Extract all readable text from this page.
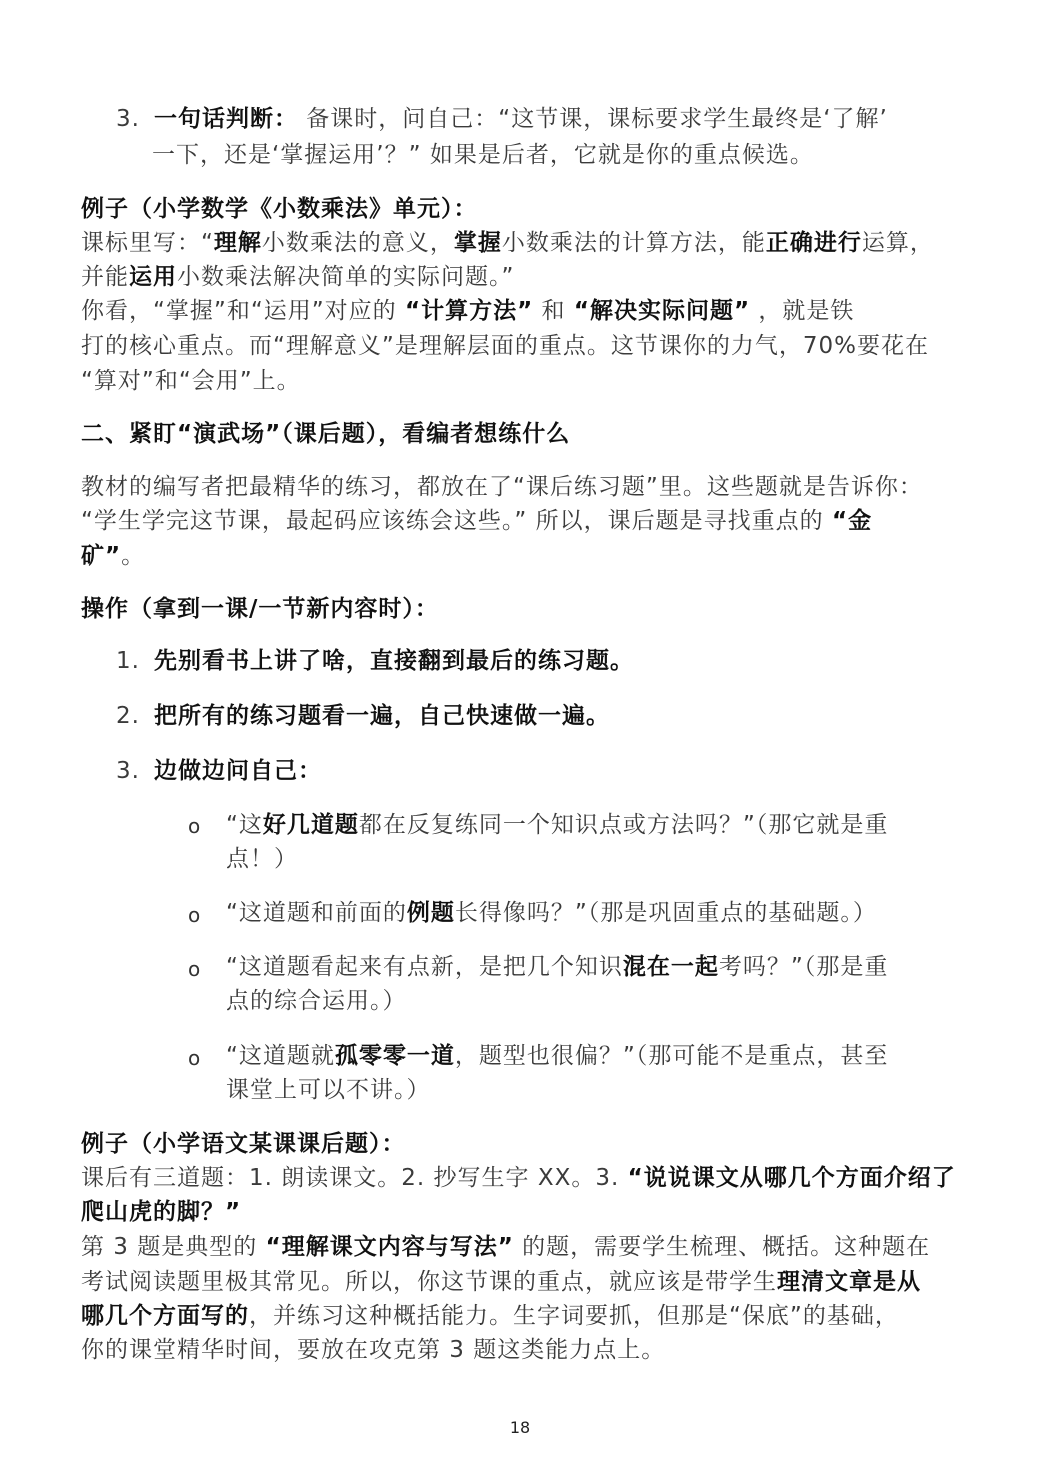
3. 一句话判断： 备课时，问自己：“这节课，课标要求学生最终是‘了解’
一下，还是‘掌握运用’？” 如果是后者，它就是你的重点候选。
例子（小学数学《小数乘法》单元）：
课标里写：“理解小数乘法的意义，掌握小数乘法的计算方法，能正确进行运算，
并能运用小数乘法解决简单的实际问题。”
你看，“掌握”和“运用”对应的 “计算方法” 和 “解决实际问题” ，就是铁
打的核心重点。而“理解意义”是理解层面的重点。这节课你的力气，70%要花在
“算对”和“会用”上。
二、紧盯“演武场”（课后题），看编者想练什么
教材的编写者把最精华的练习，都放在了“课后练习题”里。这些题就是告诉你：
“学生学完这节课，最起码应该练会这些。” 所以，课后题是寻找重点的 “金
矿”。
操作（拿到一课/一节新内容时）：
1. 先别看书上讲了啥，直接翻到最后的练习题。
2. 把所有的练习题看一遍，自己快速做一遍。
3. 边做边问自己：
o “这好几道题都在反复练同一个知识点或方法吗？”（那它就是重
点！）
o “这道题和前面的例题长得像吗？”（那是巩固重点的基础题。）
o “这道题看起来有点新，是把几个知识混在一起考吗？”（那是重
点的综合运用。）
o “这道题就孤零零一道，题型也很偏？”（那可能不是重点，甚至
课堂上可以不讲。）
例子（小学语文某课课后题）：
课后有三道题：1. 朗读课文。2. 抄写生字 XX。3. “说说课文从哪几个方面介绍了
爬山虎的脚？”
第 3 题是典型的 “理解课文内容与写法” 的题，需要学生梳理、概括。这种题在
考试阅读题里极其常见。所以，你这节课的重点，就应该是带学生理清文章是从
哪几个方面写的，并练习这种概括能力。生字词要抓，但那是“保底”的基础，
你的课堂精华时间，要放在攻克第 3 题这类能力点上。
18
